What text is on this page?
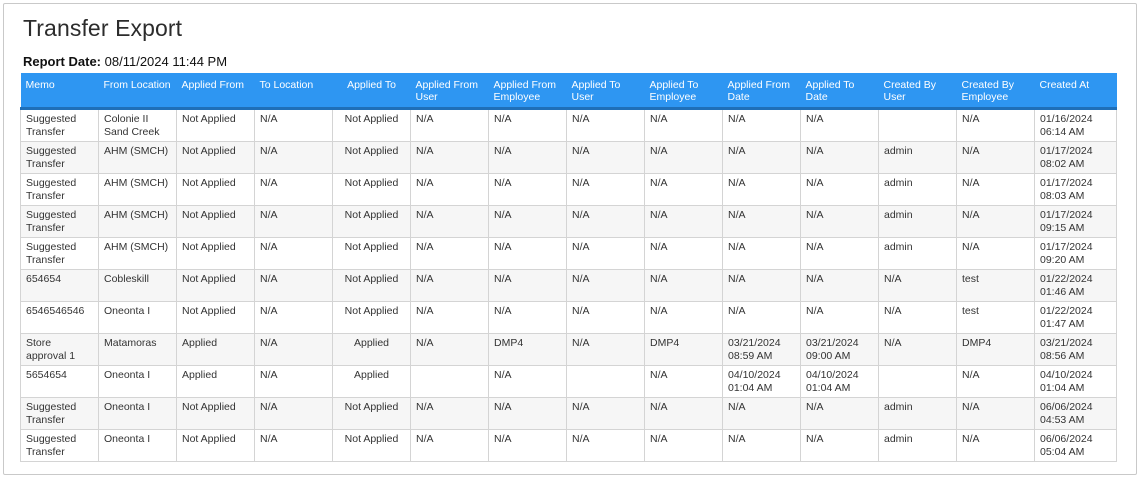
Transfer Export
Report Date: 08/11/2024 11:44 PM
Memo	From Location	Applied From	To Location	Applied To	Applied From User	Applied From Employee	Applied To User	Applied To Employee	Applied From Date	Applied To Date	Created By User	Created By Employee	Created At
Suggested Transfer	Colonie II Sand Creek	Not Applied	N/A	Not Applied	N/A	N/A	N/A	N/A	N/A	N/A		N/A	01/16/2024 06:14 AM
Suggested Transfer	AHM (SMCH)	Not Applied	N/A	Not Applied	N/A	N/A	N/A	N/A	N/A	N/A	admin	N/A	01/17/2024 08:02 AM
Suggested Transfer	AHM (SMCH)	Not Applied	N/A	Not Applied	N/A	N/A	N/A	N/A	N/A	N/A	admin	N/A	01/17/2024 08:03 AM
Suggested Transfer	AHM (SMCH)	Not Applied	N/A	Not Applied	N/A	N/A	N/A	N/A	N/A	N/A	admin	N/A	01/17/2024 09:15 AM
Suggested Transfer	AHM (SMCH)	Not Applied	N/A	Not Applied	N/A	N/A	N/A	N/A	N/A	N/A	admin	N/A	01/17/2024 09:20 AM
654654	Cobleskill	Not Applied	N/A	Not Applied	N/A	N/A	N/A	N/A	N/A	N/A	N/A	test	01/22/2024 01:46 AM
6546546546	Oneonta I	Not Applied	N/A	Not Applied	N/A	N/A	N/A	N/A	N/A	N/A	N/A	test	01/22/2024 01:47 AM
Store approval 1	Matamoras	Applied	N/A	Applied	N/A	DMP4	N/A	DMP4	03/21/2024 08:59 AM	03/21/2024 09:00 AM	N/A	DMP4	03/21/2024 08:56 AM
5654654	Oneonta I	Applied	N/A	Applied		N/A		N/A	04/10/2024 01:04 AM	04/10/2024 01:04 AM		N/A	04/10/2024 01:04 AM
Suggested Transfer	Oneonta I	Not Applied	N/A	Not Applied	N/A	N/A	N/A	N/A	N/A	N/A	admin	N/A	06/06/2024 04:53 AM
Suggested Transfer	Oneonta I	Not Applied	N/A	Not Applied	N/A	N/A	N/A	N/A	N/A	N/A	admin	N/A	06/06/2024 05:04 AM
